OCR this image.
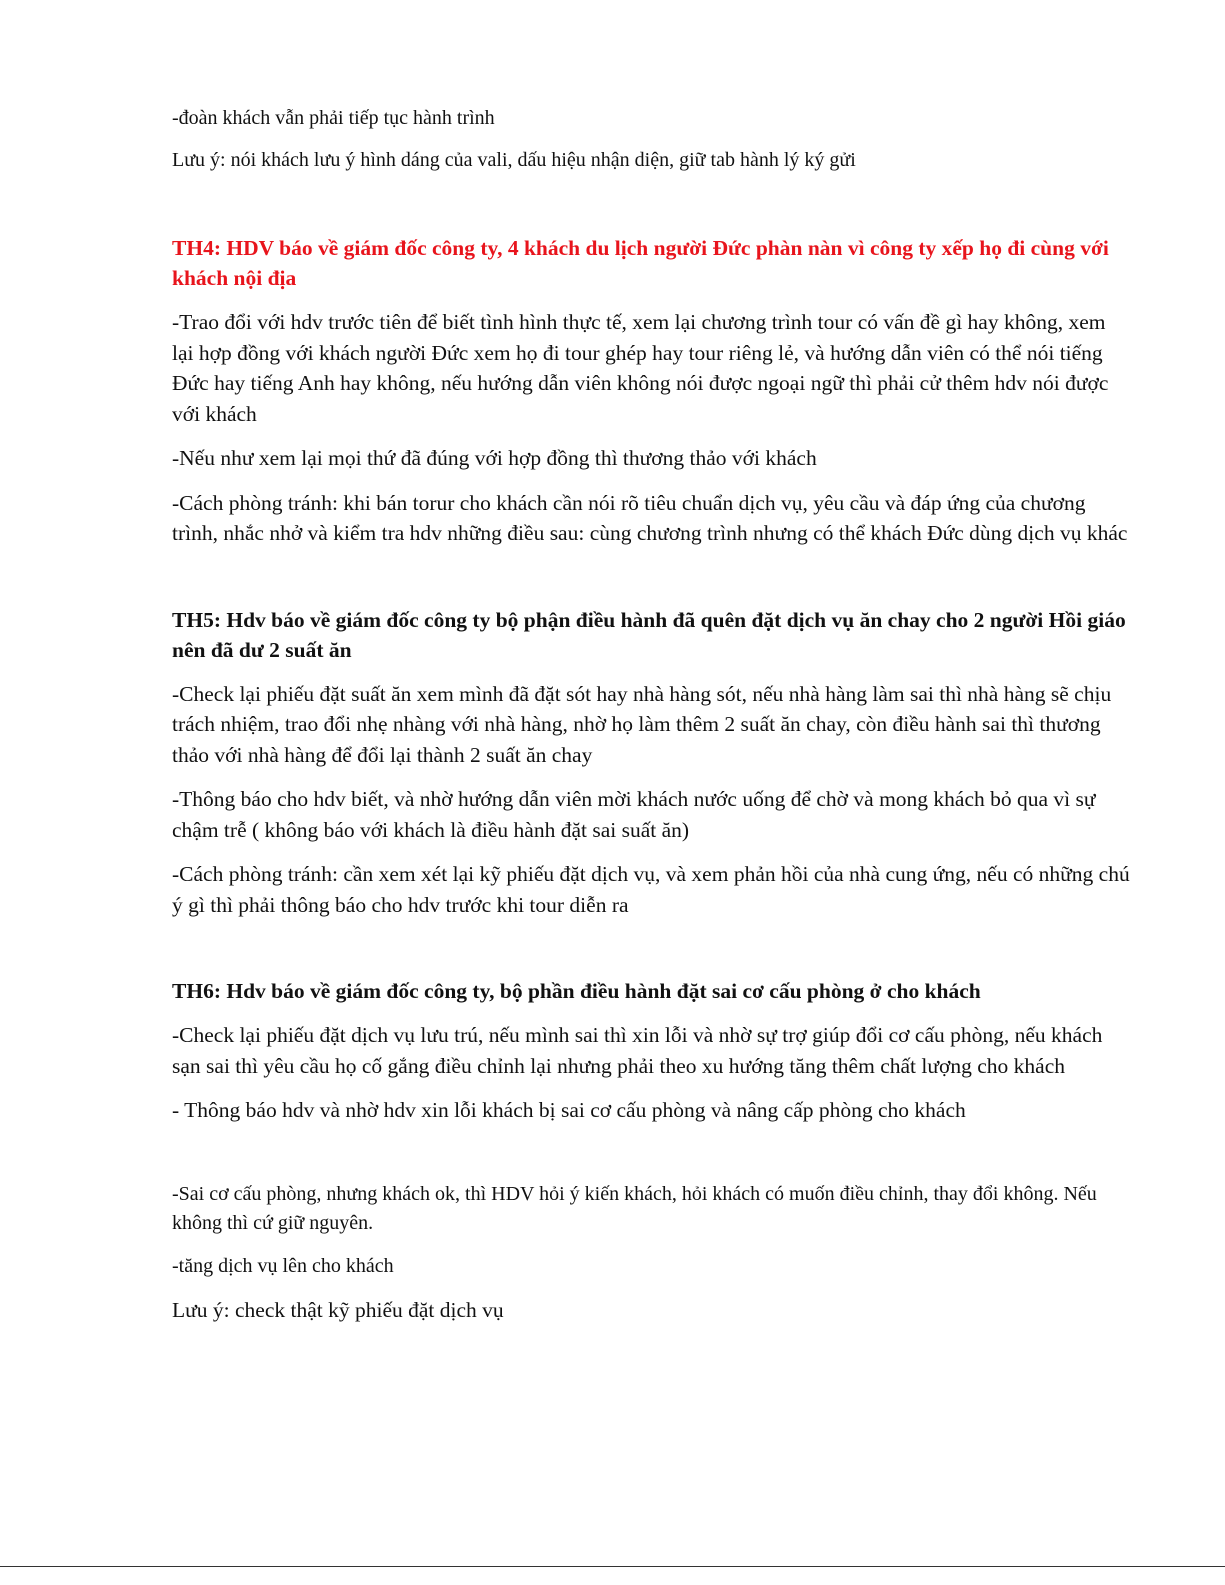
-đoàn khách vẫn phải tiếp tục hành trình

Lưu ý: nói khách lưu ý hình dáng của vali, dấu hiệu nhận diện, giữ tab hành lý ký gửi

TH4: HDV báo về giám đốc công ty, 4 khách du lịch người Đức phàn nàn vì công ty xếp họ đi cùng với khách nội địa

-Trao đổi với hdv trước tiên để biết tình hình thực tế, xem lại chương trình tour có vấn đề gì hay không, xem lại hợp đồng với khách người Đức xem họ đi tour ghép hay tour riêng lẻ, và hướng dẫn viên có thể nói tiếng Đức hay tiếng Anh hay không, nếu hướng dẫn viên không nói được ngoại ngữ thì phải cử thêm hdv nói được với khách

-Nếu như xem lại mọi thứ đã đúng với hợp đồng thì thương thảo với khách

-Cách phòng tránh: khi bán torur cho khách cần nói rõ tiêu chuẩn dịch vụ, yêu cầu và đáp ứng của chương trình, nhắc nhở và kiểm tra hdv những điều sau: cùng chương trình nhưng có thể khách Đức dùng dịch vụ khác

TH5: Hdv báo về giám đốc công ty bộ phận điều hành đã quên đặt dịch vụ ăn chay cho 2 người Hồi giáo nên đã dư 2 suất ăn

-Check lại phiếu đặt suất ăn xem mình đã đặt sót hay nhà hàng sót, nếu nhà hàng làm sai thì nhà hàng sẽ chịu trách nhiệm, trao đổi nhẹ nhàng với nhà hàng, nhờ họ làm thêm 2 suất ăn chay, còn điều hành sai thì thương thảo với nhà hàng để đổi lại thành 2 suất ăn chay

-Thông báo cho hdv biết, và nhờ hướng dẫn viên mời khách nước uống để chờ và mong khách bỏ qua vì sự chậm trễ ( không báo với khách là điều hành đặt sai suất ăn)

-Cách phòng tránh: cần xem xét lại kỹ phiếu đặt dịch vụ, và xem phản hồi của nhà cung ứng, nếu có những chú ý gì thì phải thông báo cho hdv trước khi tour diễn ra

TH6: Hdv báo về giám đốc công ty, bộ phần điều hành đặt sai cơ cấu phòng ở cho khách

-Check lại phiếu đặt dịch vụ lưu trú, nếu mình sai thì xin lỗi và nhờ sự trợ giúp đổi cơ cấu phòng, nếu khách sạn sai thì yêu cầu họ cố gắng điều chỉnh lại nhưng phải theo xu hướng tăng thêm chất lượng cho khách

- Thông báo hdv và nhờ hdv xin lỗi khách bị sai cơ cấu phòng và nâng cấp phòng cho khách

-Sai cơ cấu phòng, nhưng khách ok, thì HDV hỏi ý kiến khách, hỏi khách có muốn điều chỉnh, thay đổi không. Nếu không thì cứ giữ nguyên.

-tăng dịch vụ lên cho khách

Lưu ý: check thật kỹ phiếu đặt dịch vụ
